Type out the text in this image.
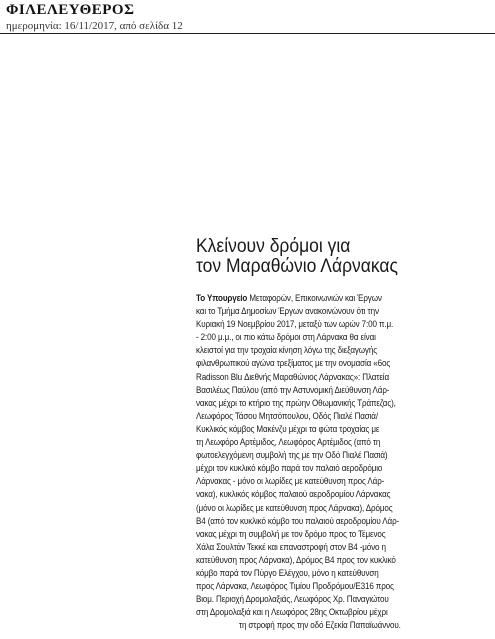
ΦΙΛΕΛΕΥΘΕΡΟΣ
ημερομηνία: 16/11/2017, από σελίδα 12
Κλείνουν δρόμοι για
τον Μαραθώνιο Λάρνακας
Το Υπουργείο Μεταφορών, Επικοινωνιών και Έργων
και το Τμήμα Δημοσίων Έργων ανακοινώνουν ότι την
Κυριακή 19 Νοεμβρίου 2017, μεταξύ των ωρών 7:00 π.μ.
- 2:00 μ.μ., οι πιο κάτω δρόμοι στη Λάρνακα θα είναι
κλειστοί για την τροχαία κίνηση λόγω της διεξαγωγής
φιλανθρωπικού αγώνα τρεξίματος με την ονομασία «6ος
Radisson Blu Διεθνής Μαραθώνιος Λάρνακας»: Πλατεία
Βασιλέως Παύλου (από την Αστυνομική Διεύθυνση Λάρ-
νακας μέχρι το κτήριο της πρώην Οθωμανικής Τράπεζας),
Λεωφόρος Τάσου Μητσόπουλου, Οδός Πιαλέ Πασιά/
Κυκλικός κόμβος Μακένζυ μέχρι τα φώτα τροχαίας με
τη Λεωφόρο Αρτέμιδος, Λεωφόρος Αρτέμιδος (από τη
φωτοελεγχόμενη συμβολή της με την Οδό Πιαλέ Πασιά)
μέχρι τον κυκλικό κόμβο παρά τον παλαιό αεροδρόμιο
Λάρνακας - μόνο οι λωρίδες με κατεύθυνση προς Λάρ-
νακα), κυκλικός κόμβος παλαιού αεροδρομίου Λάρνακας
(μόνο οι λωρίδες με κατεύθυνση προς Λάρνακα), Δρόμος
Β4 (από τον κυκλικό κόμβο του παλαιού αεροδρομίου Λάρ-
νακας μέχρι τη συμβολή με τον δρόμο προς το Τέμενος
Χάλα Σουλτάν Τεκκέ και επαναστροφή στον Β4 -μόνο η
κατεύθυνση προς Λάρνακα), Δρόμος Β4 προς τον κυκλικό
κόμβο παρά τον Πύργο Ελέγχου, μόνο η κατεύθυνση
προς Λάρνακα, Λεωφόρος Τιμίου Προδρόμου/Ε316 προς
Βιομ. Περιοχή Δρομολαξιάς, Λεωφόρος Χρ. Παναγιώτου
στη Δρομολαξιά και η Λεωφόρος 28ης Οκτωβρίου μέχρι
τη στροφή προς την οδό Εζεκία Παπαϊωάννου.
